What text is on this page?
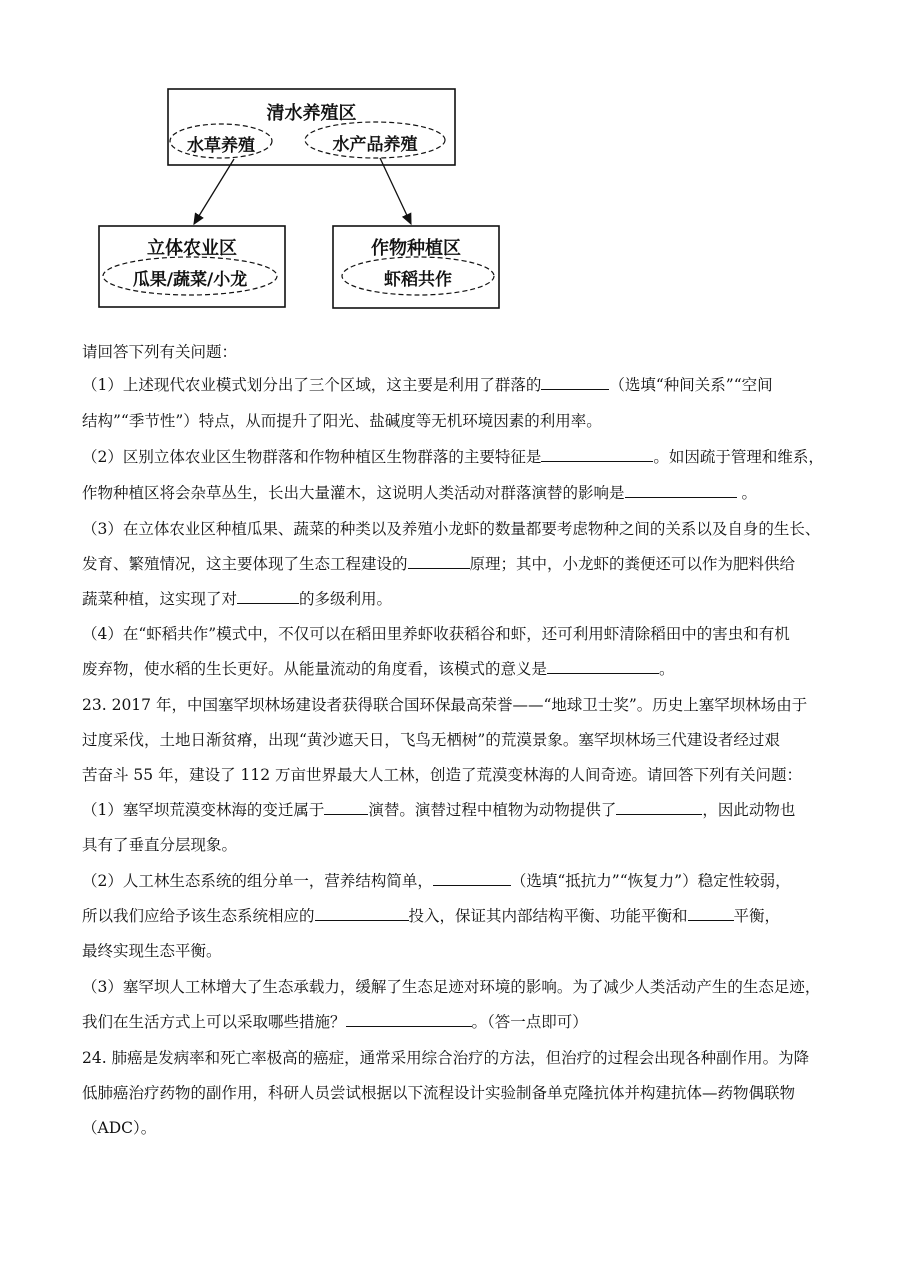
清水养殖区
水草养殖	水产品养殖
立体农业区
瓜果/蔬菜/小龙
作物种植区
虾稻共作
请回答下列有关问题：
（1）上述现代农业模式划分出了三个区域，这主要是利用了群落的	（选填“种间关系”“空间
结构”“季节性”）特点，从而提升了阳光、盐碱度等无机环境因素的利用率。
（2）区别立体农业区生物群落和作物种植区生物群落的主要特征是	。如因疏于管理和维系，
作物种植区将会杂草丛生，长出大量灌木，这说明人类活动对群落演替的影响是	。
（3）在立体农业区种植瓜果、蔬菜的种类以及养殖小龙虾的数量都要考虑物种之间的关系以及自身的生长、
发育、繁殖情况，这主要体现了生态工程建设的	原理；其中，小龙虾的粪便还可以作为肥料供给
蔬菜种植，这实现了对	的多级利用。
（4）在“虾稻共作”模式中，不仅可以在稻田里养虾收获稻谷和虾，还可利用虾清除稻田中的害虫和有机
废弃物，使水稻的生长更好。从能量流动的角度看，该模式的意义是	。
23. 2017 年，中国塞罕坝林场建设者获得联合国环保最高荣誉——“地球卫士奖”。历史上塞罕坝林场由于
过度采伐，土地日渐贫瘠，出现“黄沙遮天日，飞鸟无栖树”的荒漠景象。塞罕坝林场三代建设者经过艰
苦奋斗 55 年，建设了 112 万亩世界最大人工林，创造了荒漠变林海的人间奇迹。请回答下列有关问题：
（1）塞罕坝荒漠变林海的变迁属于	演替。演替过程中植物为动物提供了	，因此动物也
具有了垂直分层现象。
（2）人工林生态系统的组分单一，营养结构简单，	（选填“抵抗力”“恢复力”）稳定性较弱，
所以我们应给予该生态系统相应的	投入，保证其内部结构平衡、功能平衡和	平衡，
最终实现生态平衡。
（3）塞罕坝人工林增大了生态承载力，缓解了生态足迹对环境的影响。为了减少人类活动产生的生态足迹，
我们在生活方式上可以采取哪些措施？	。（答一点即可）
24. 肺癌是发病率和死亡率极高的癌症，通常采用综合治疗的方法，但治疗的过程会出现各种副作用。为降
低肺癌治疗药物的副作用，科研人员尝试根据以下流程设计实验制备单克隆抗体并构建抗体—药物偶联物
（ADC）。
